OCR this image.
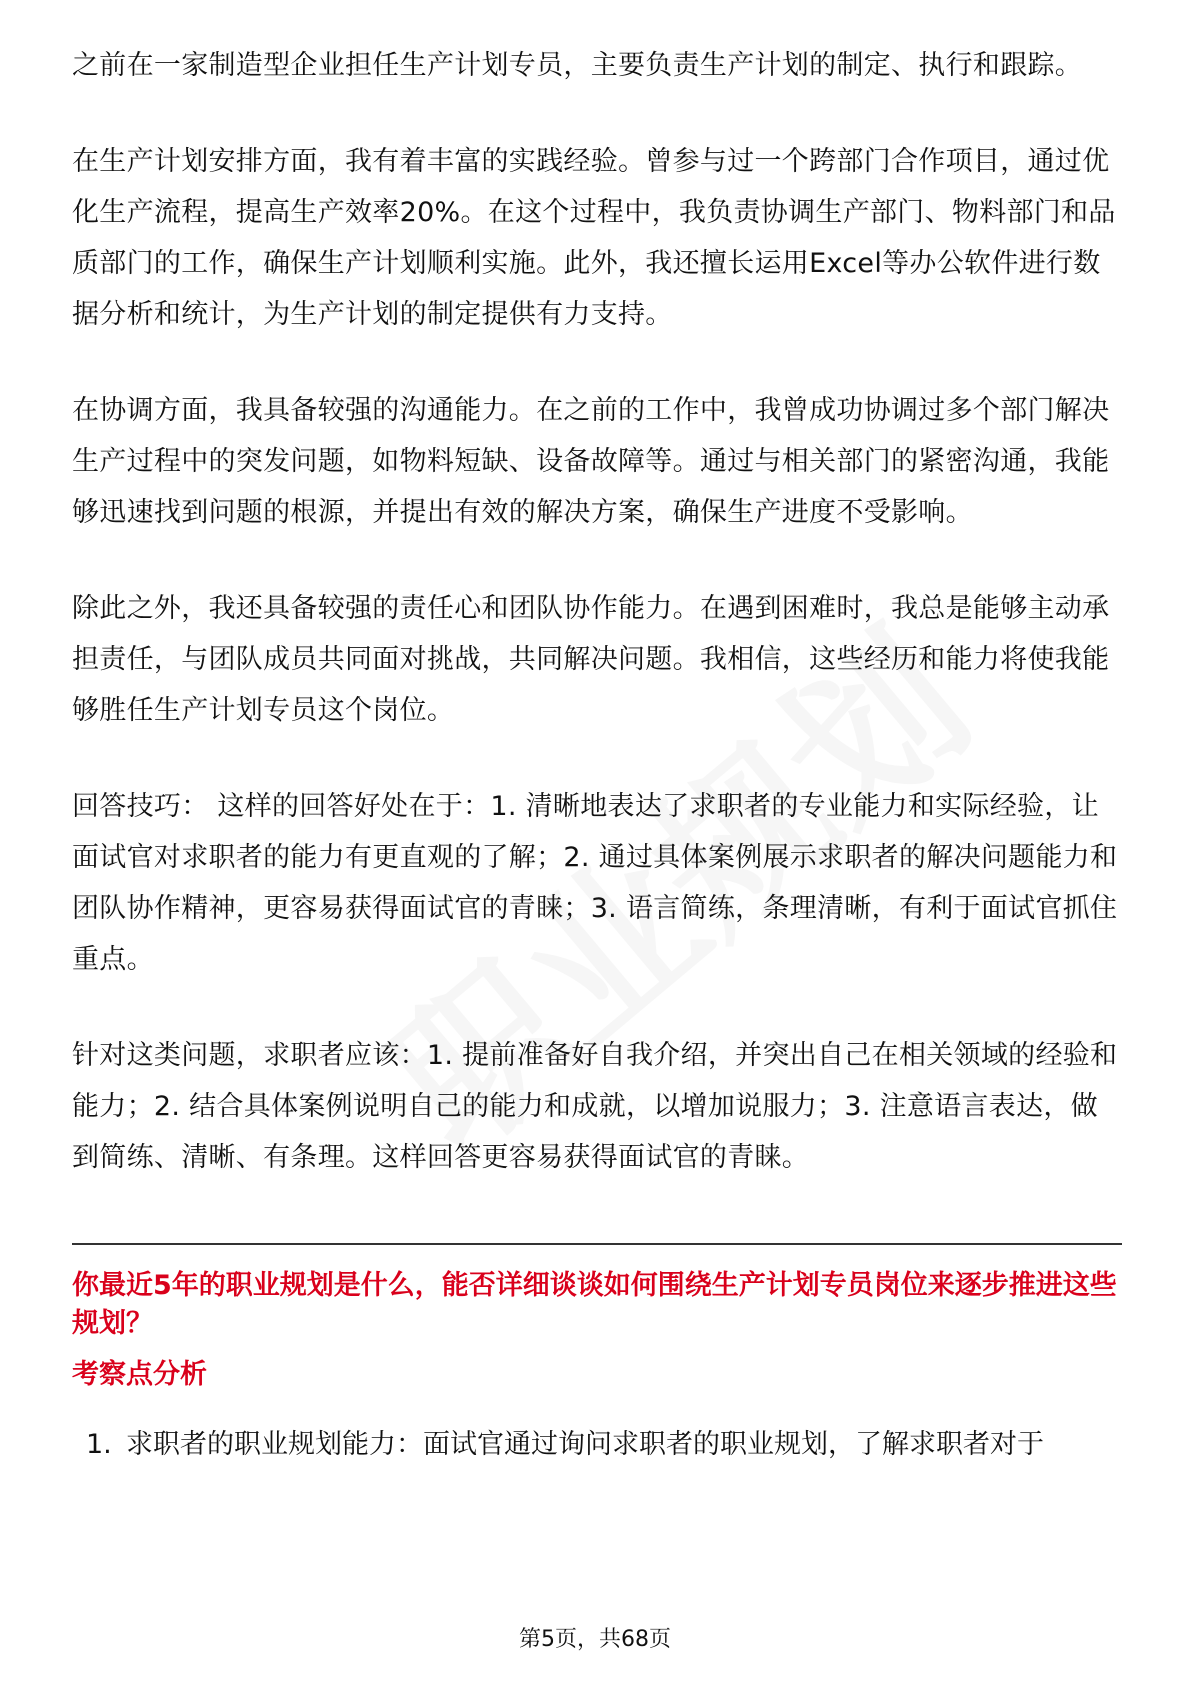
之前在一家制造型企业担任生产计划专员，主要负责生产计划的制定、执行和跟踪。

在生产计划安排方面，我有着丰富的实践经验。曾参与过一个跨部门合作项目，通过优化生产流程，提高生产效率20%。在这个过程中，我负责协调生产部门、物料部门和品质部门的工作，确保生产计划顺利实施。此外，我还擅长运用Excel等办公软件进行数据分析和统计，为生产计划的制定提供有力支持。

在协调方面，我具备较强的沟通能力。在之前的工作中，我曾成功协调过多个部门解决生产过程中的突发问题，如物料短缺、设备故障等。通过与相关部门的紧密沟通，我能够迅速找到问题的根源，并提出有效的解决方案，确保生产进度不受影响。

除此之外，我还具备较强的责任心和团队协作能力。在遇到困难时，我总是能够主动承担责任，与团队成员共同面对挑战，共同解决问题。我相信，这些经历和能力将使我能够胜任生产计划专员这个岗位。

回答技巧： 这样的回答好处在于：1. 清晰地表达了求职者的专业能力和实际经验，让面试官对求职者的能力有更直观的了解；2. 通过具体案例展示求职者的解决问题能力和团队协作精神，更容易获得面试官的青睐；3. 语言简练，条理清晰，有利于面试官抓住重点。

针对这类问题，求职者应该：1. 提前准备好自我介绍，并突出自己在相关领域的经验和能力；2. 结合具体案例说明自己的能力和成就，以增加说服力；3. 注意语言表达，做到简练、清晰、有条理。这样回答更容易获得面试官的青睐。

你最近5年的职业规划是什么，能否详细谈谈如何围绕生产计划专员岗位来逐步推进这些规划？
考察点分析
1. 求职者的职业规划能力：面试官通过询问求职者的职业规划，了解求职者对于
第5页，共68页
